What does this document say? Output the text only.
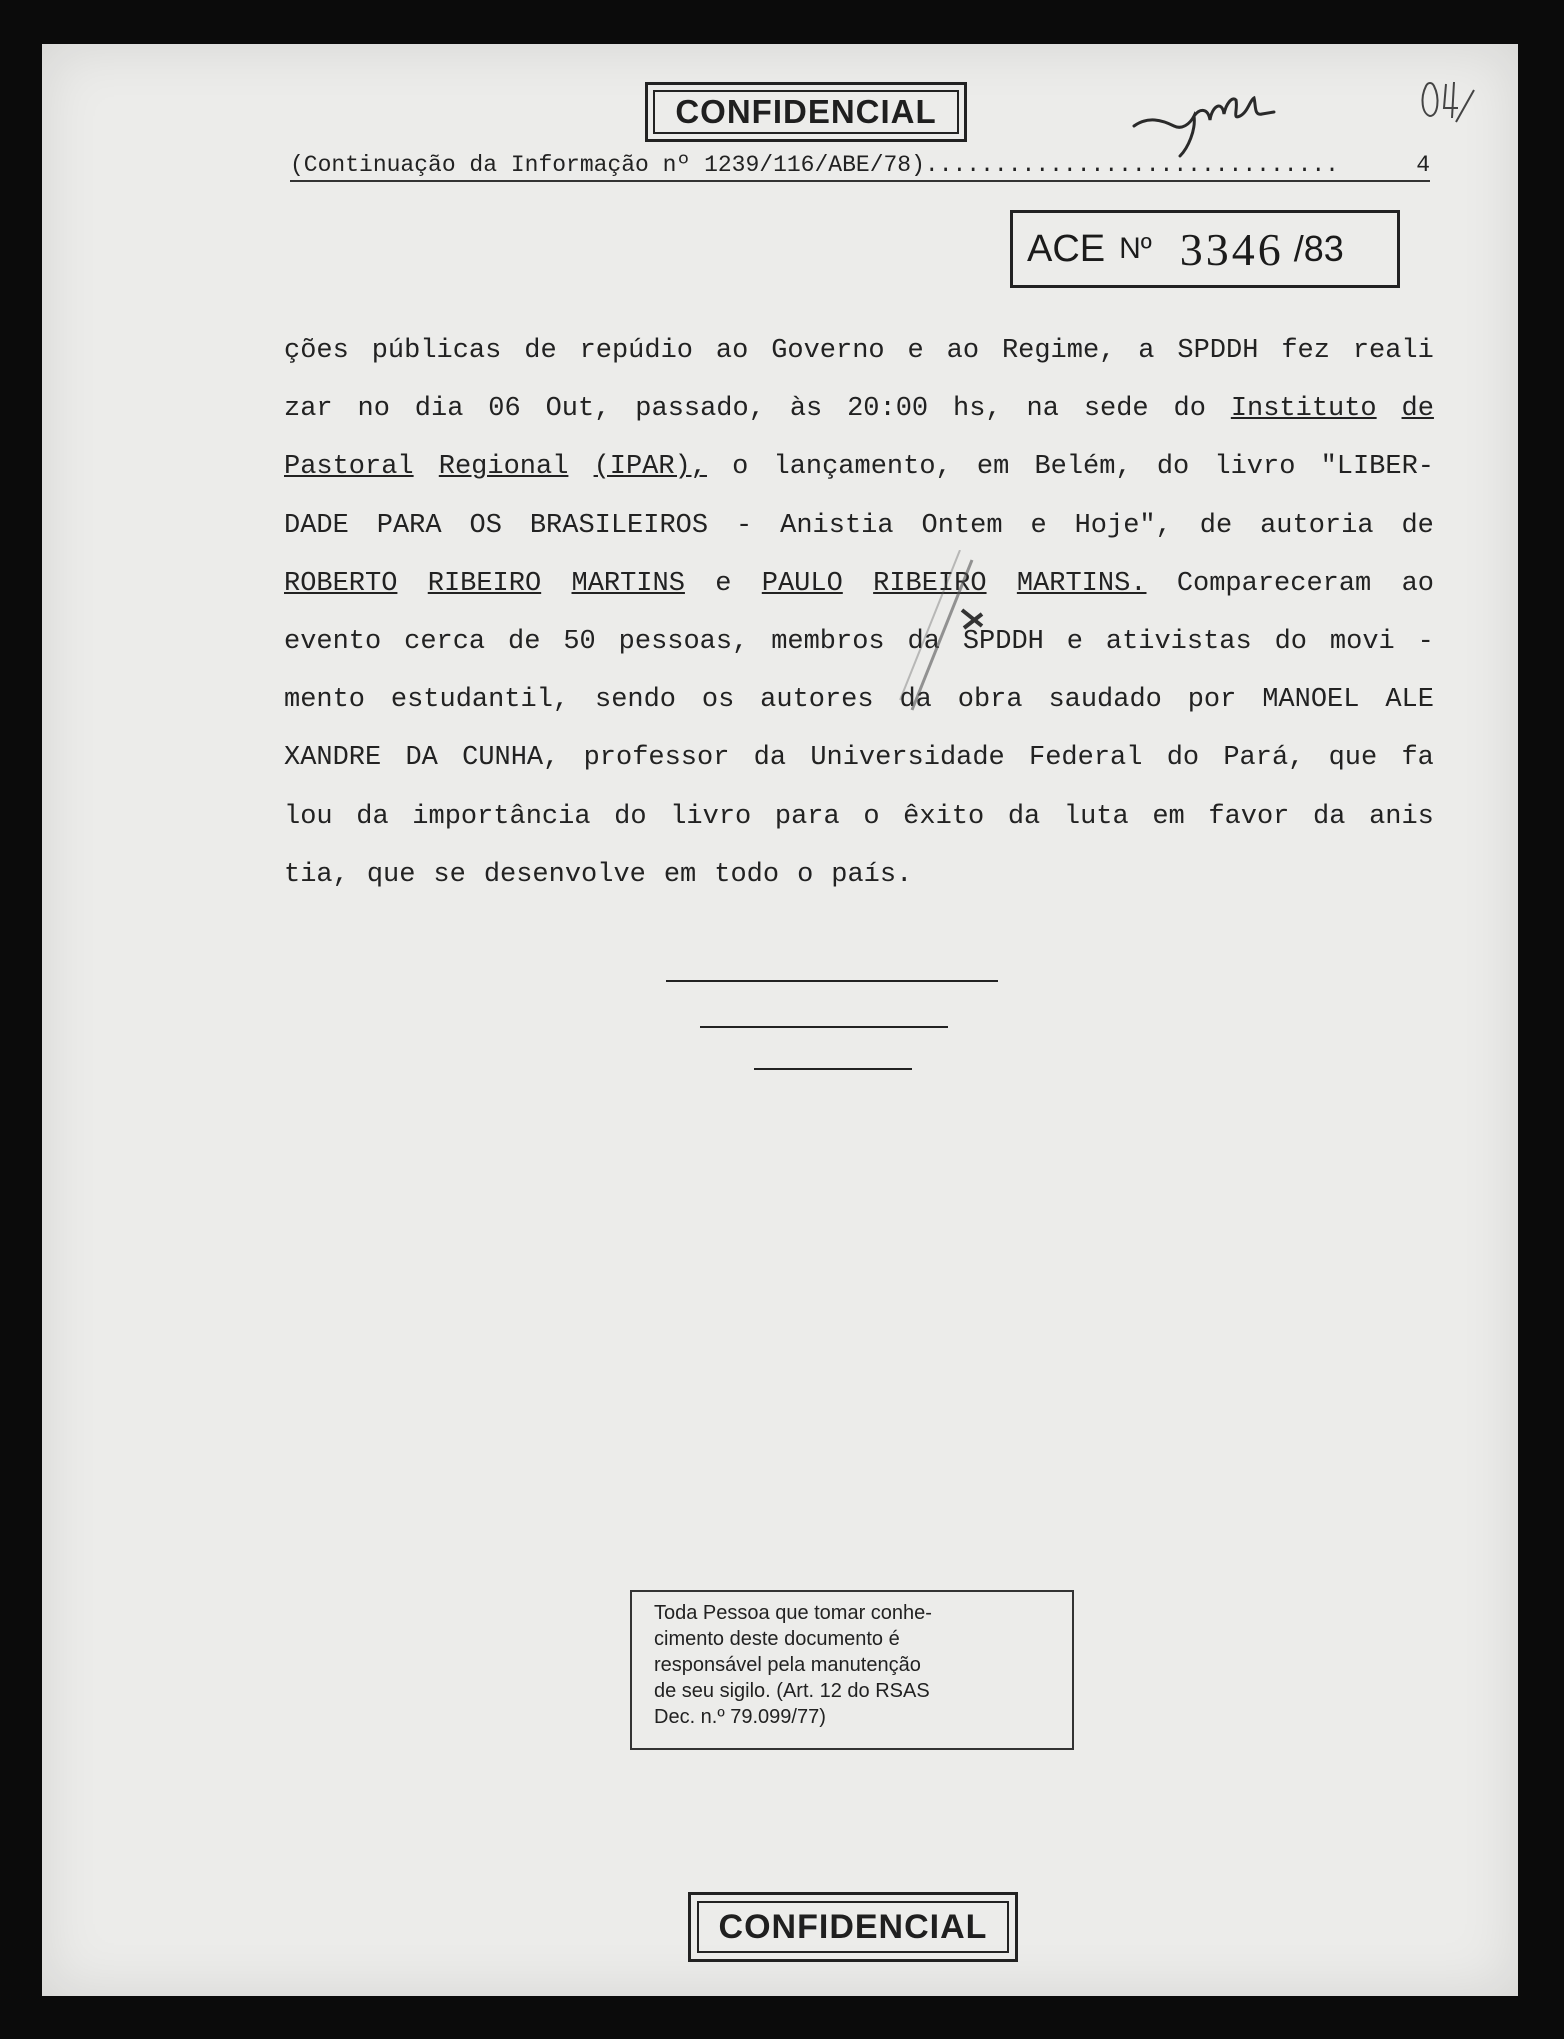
CONFIDENCIAL
(Continuação da Informação nº 1239/116/ABE/78)..............................	4
ACE Nº 3346 /83
ções públicas de repúdio ao Governo e ao Regime, a SPDDH fez reali
zar no dia 06 Out, passado, às 20:00 hs, na sede do Instituto de
Pastoral Regional (IPAR), o lançamento, em Belém, do livro "LIBER-
DADE PARA OS BRASILEIROS - Anistia Ontem e Hoje", de autoria de
ROBERTO RIBEIRO MARTINS e PAULO RIBEIRO MARTINS. Compareceram ao
evento cerca de 50 pessoas, membros da SPDDH e ativistas do movi -
mento estudantil, sendo os autores da obra saudado por MANOEL ALE
XANDRE DA CUNHA, professor da Universidade Federal do Pará, que fa
lou da importância do livro para o êxito da luta em favor da anis
tia, que se desenvolve em todo o país.
Toda Pessoa que tomar conhe-
cimento deste documento é
responsável pela manutenção
de seu sigilo. (Art. 12 do RSAS
Dec. n.º 79.099/77)
CONFIDENCIAL
